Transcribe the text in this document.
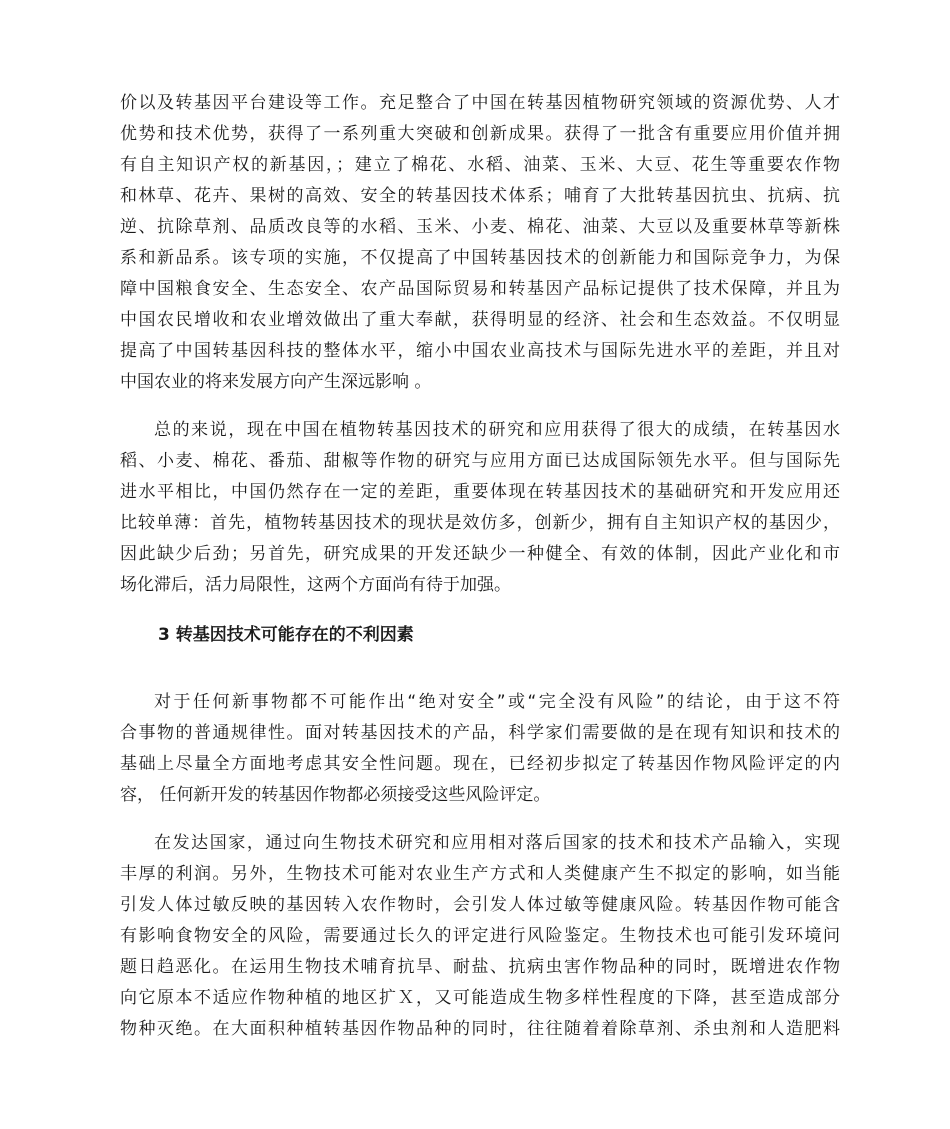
价以及转基因平台建设等工作。充足整合了中国在转基因植物研究领域的资源优势、人才
优势和技术优势，获得了一系列重大突破和创新成果。获得了一批含有重要应用价值并拥
有自主知识产权的新基因，；建立了棉花、水稻、油菜、玉米、大豆、花生等重要农作物
和林草、花卉、果树的高效、安全的转基因技术体系；哺育了大批转基因抗虫、抗病、抗
逆、抗除草剂、品质改良等的水稻、玉米、小麦、棉花、油菜、大豆以及重要林草等新株
系和新品系。该专项的实施，不仅提高了中国转基因技术的创新能力和国际竞争力，为保
障中国粮食安全、生态安全、农产品国际贸易和转基因产品标记提供了技术保障，并且为
中国农民增收和农业增效做出了重大奉献，获得明显的经济、社会和生态效益。不仅明显
提高了中国转基因科技的整体水平，缩小中国农业高技术与国际先进水平的差距，并且对
中国农业的将来发展方向产生深远影响 。
总的来说，现在中国在植物转基因技术的研究和应用获得了很大的成绩，在转基因水
稻、小麦、棉花、番茄、甜椒等作物的研究与应用方面已达成国际领先水平。但与国际先
进水平相比，中国仍然存在一定的差距，重要体现在转基因技术的基础研究和开发应用还
比较单薄：首先，植物转基因技术的现状是效仿多，创新少，拥有自主知识产权的基因少，
因此缺少后劲；另首先，研究成果的开发还缺少一种健全、有效的体制，因此产业化和市
场化滞后，活力局限性，这两个方面尚有待于加强。
3 转基因技术可能存在的不利因素
对于任何新事物都不可能作出“绝对安全”或“完全没有风险”的结论，由于这不符
合事物的普通规律性。面对转基因技术的产品，科学家们需要做的是在现有知识和技术的
基础上尽量全方面地考虑其安全性问题。现在，已经初步拟定了转基因作物风险评定的内
容， 任何新开发的转基因作物都必须接受这些风险评定。
在发达国家，通过向生物技术研究和应用相对落后国家的技术和技术产品输入，实现
丰厚的利润。另外，生物技术可能对农业生产方式和人类健康产生不拟定的影响，如当能
引发人体过敏反映的基因转入农作物时，会引发人体过敏等健康风险。转基因作物可能含
有影响食物安全的风险，需要通过长久的评定进行风险鉴定。生物技术也可能引发环境问
题日趋恶化。在运用生物技术哺育抗旱、耐盐、抗病虫害作物品种的同时，既增进农作物
向它原本不适应作物种植的地区扩Ｘ，又可能造成生物多样性程度的下降，甚至造成部分
物种灭绝。在大面积种植转基因作物品种的同时，往往随着着除草剂、杀虫剂和人造肥料
